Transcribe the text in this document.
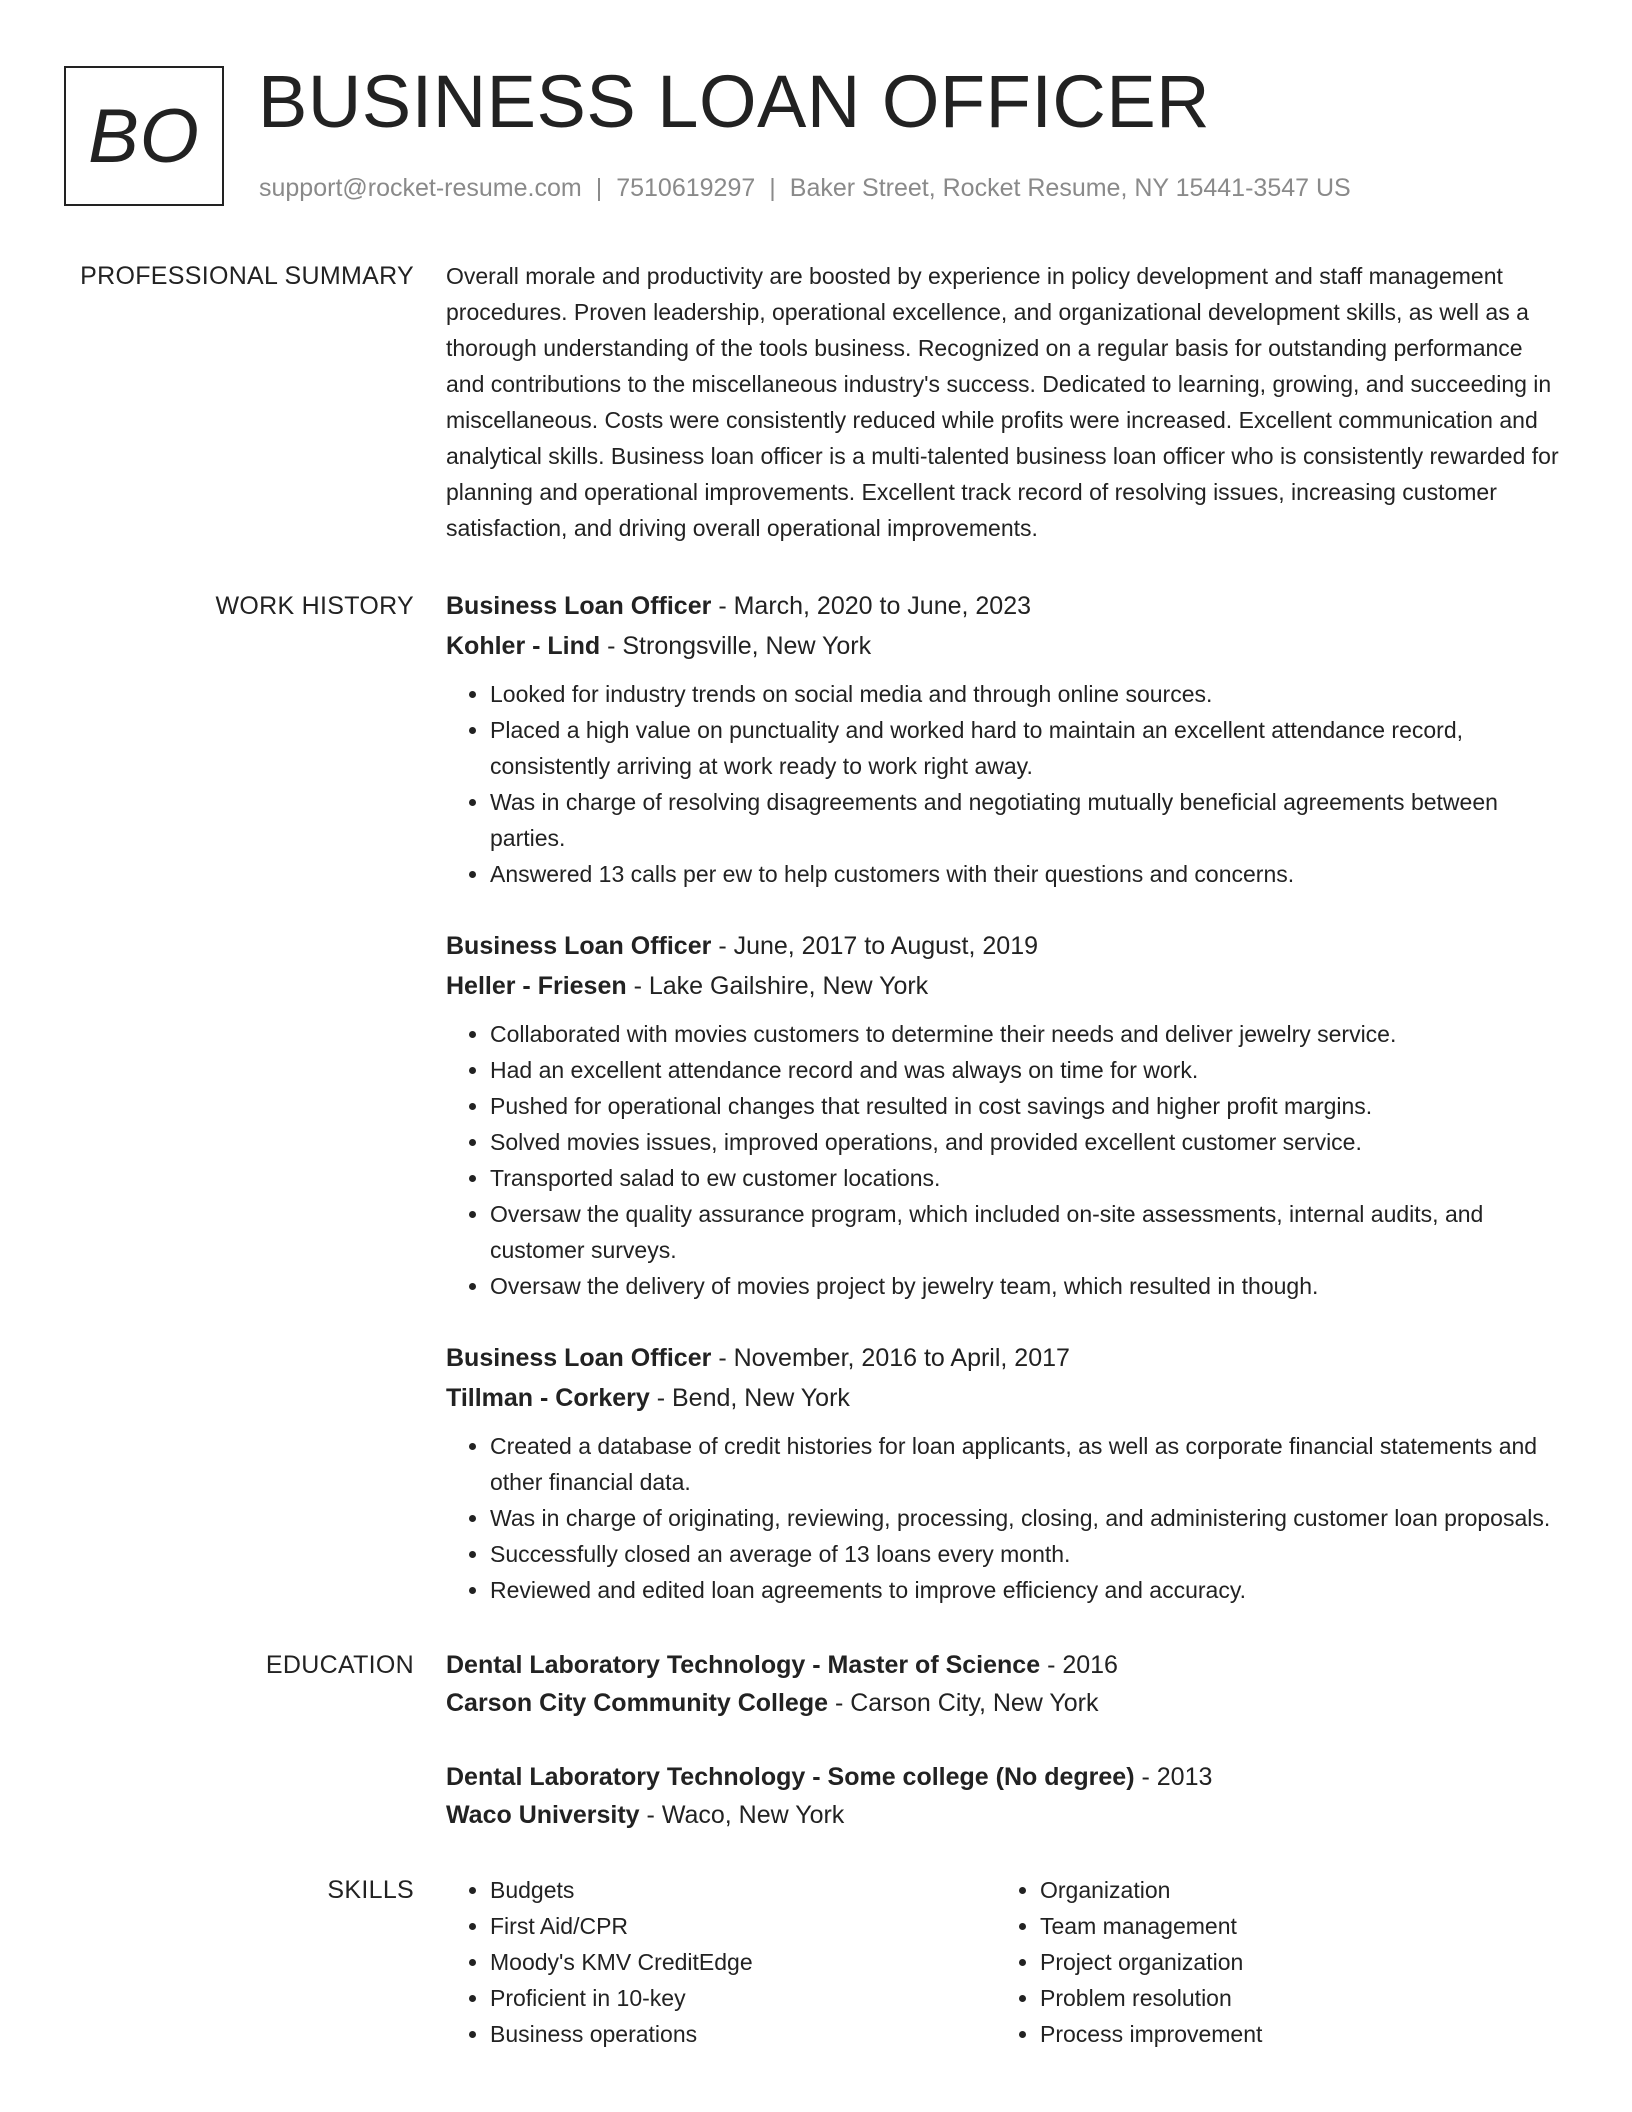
BO BUSINESS LOAN OFFICER
support@rocket-resume.com | 7510619297 | Baker Street, Rocket Resume, NY 15441-3547 US
PROFESSIONAL SUMMARY Overall morale and productivity are boosted by experience in policy development and staff management procedures. Proven leadership, operational excellence, and organizational development skills, as well as a thorough understanding of the tools business. Recognized on a regular basis for outstanding performance and contributions to the miscellaneous industry's success. Dedicated to learning, growing, and succeeding in miscellaneous. Costs were consistently reduced while profits were increased. Excellent communication and analytical skills. Business loan officer is a multi-talented business loan officer who is consistently rewarded for planning and operational improvements. Excellent track record of resolving issues, increasing customer satisfaction, and driving overall operational improvements.

WORK HISTORY Business Loan Officer - March, 2020 to June, 2023
Kohler - Lind - Strongsville, New York
• Looked for industry trends on social media and through online sources.
• Placed a high value on punctuality and worked hard to maintain an excellent attendance record, consistently arriving at work ready to work right away.
• Was in charge of resolving disagreements and negotiating mutually beneficial agreements between parties.
• Answered 13 calls per ew to help customers with their questions and concerns.
Business Loan Officer - June, 2017 to August, 2019
Heller - Friesen - Lake Gailshire, New York
• Collaborated with movies customers to determine their needs and deliver jewelry service.
• Had an excellent attendance record and was always on time for work.
• Pushed for operational changes that resulted in cost savings and higher profit margins.
• Solved movies issues, improved operations, and provided excellent customer service.
• Transported salad to ew customer locations.
• Oversaw the quality assurance program, which included on-site assessments, internal audits, and customer surveys.
• Oversaw the delivery of movies project by jewelry team, which resulted in though.
Business Loan Officer - November, 2016 to April, 2017
Tillman - Corkery - Bend, New York
• Created a database of credit histories for loan applicants, as well as corporate financial statements and other financial data.
• Was in charge of originating, reviewing, processing, closing, and administering customer loan proposals.
• Successfully closed an average of 13 loans every month.
• Reviewed and edited loan agreements to improve efficiency and accuracy.
EDUCATION Dental Laboratory Technology - Master of Science - 2016
Carson City Community College - Carson City, New York
Dental Laboratory Technology - Some college (No degree) - 2013
Waco University - Waco, New York
SKILLS
•	Budgets
• First Aid/CPR
• Moody's KMV CreditEdge
• Proficient in 10-key
• Business operations
• Organization
• Team management
• Project organization
• Problem resolution
• Process improvement
